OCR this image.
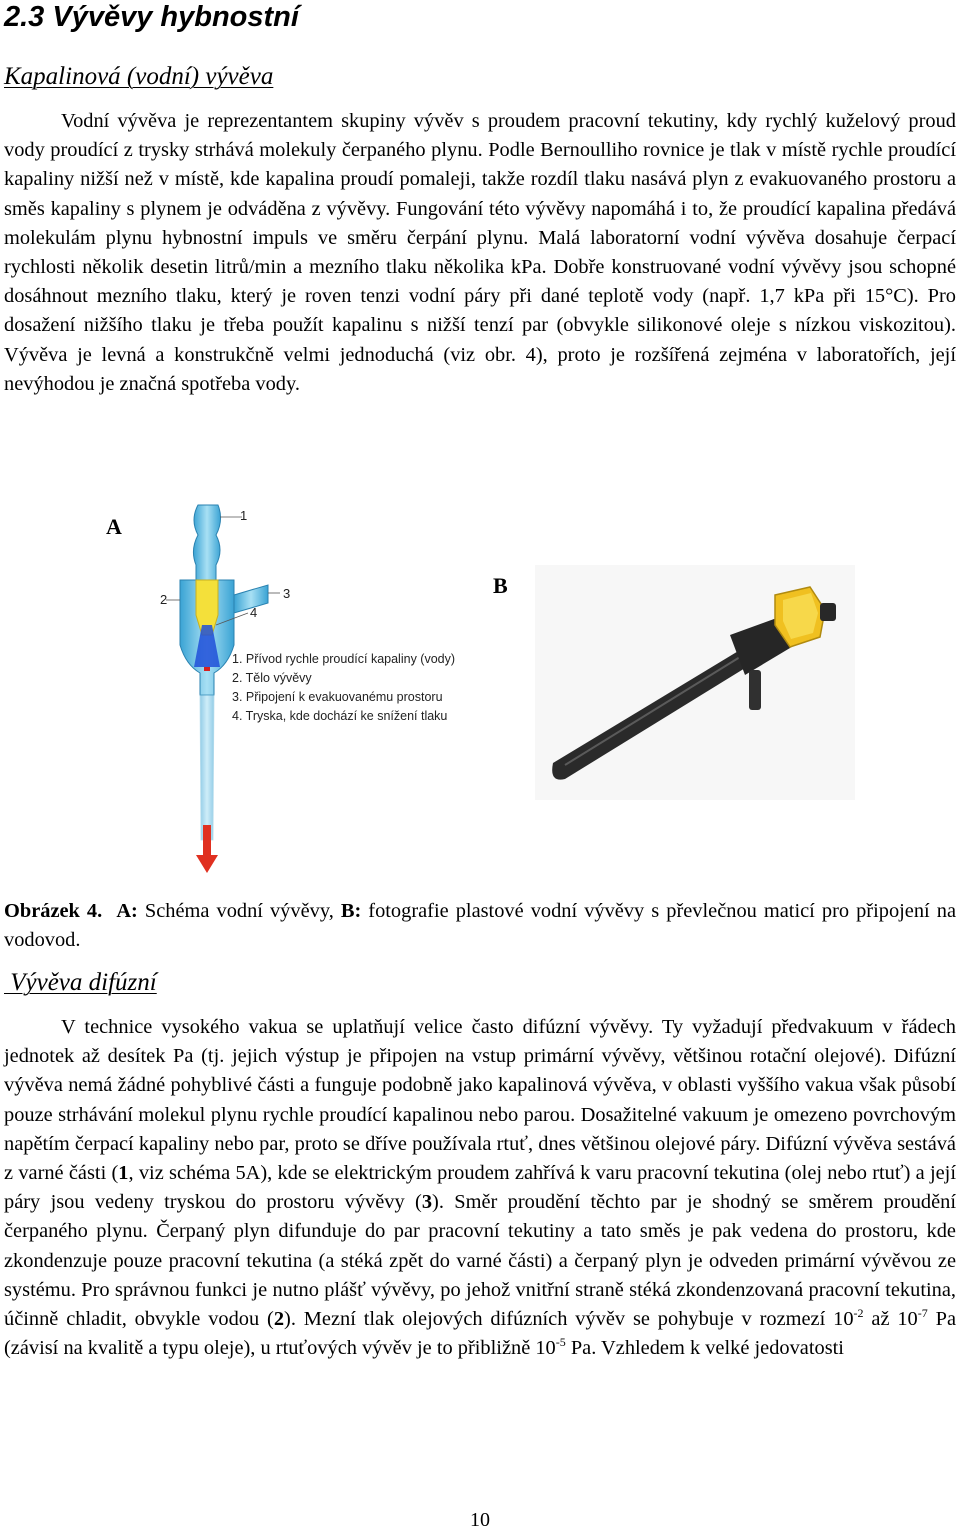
2.3 Vývěvy hybnostní
Kapalinová (vodní) vývěva

Vodní vývěva je reprezentantem skupiny vývěv s proudem pracovní tekutiny, kdy rychlý kuželový proud vody proudící z trysky strhává molekuly čerpaného plynu. Podle Bernoulliho rovnice je tlak v místě rychle proudící kapaliny nižší než v místě, kde kapalina proudí pomaleji, takže rozdíl tlaku nasává plyn z evakuovaného prostoru a směs kapaliny s plynem je odváděna z vývěvy. Fungování této vývěvy napomáhá i to, že proudící kapalina předává molekulám plynu hybnostní impuls ve směru čerpání plynu. Malá laboratorní vodní vývěva dosahuje čerpací rychlosti několik desetin litrů/min a mezního tlaku několika kPa. Dobře konstruované vodní vývěvy jsou schopné dosáhnout mezního tlaku, který je roven tenzi vodní páry při dané teplotě vody (např. 1,7 kPa při 15°C). Pro dosažení nižšího tlaku je třeba použít kapalinu s nižší tenzí par (obvykle silikonové oleje s nízkou viskozitou). Vývěva je levná a konstrukčně velmi jednoduchá (viz obr. 4), proto je rozšířená zejména v laboratořích, její nevýhodou je značná spotřeba vody.

A	1
2	3
4
1. Přívod rychle proudící kapaliny (vody)
2. Tělo vývěvy
3. Připojení k evakuovanému prostoru
4. Tryska, kde dochází ke snížení tlaku
B

Obrázek 4. A: Schéma vodní vývěvy, B: fotografie plastové vodní vývěvy s převlečnou maticí pro připojení na vodovod.

Vývěva difúzní

V technice vysokého vakua se uplatňují velice často difúzní vývěvy. Ty vyžadují předvakuum v řádech jednotek až desítek Pa (tj. jejich výstup je připojen na vstup primární vývěvy, většinou rotační olejové). Difúzní vývěva nemá žádné pohyblivé části a funguje podobně jako kapalinová vývěva, v oblasti vyššího vakua však působí pouze strhávání molekul plynu rychle proudící kapalinou nebo parou. Dosažitelné vakuum je omezeno povrchovým napětím čerpací kapaliny nebo par, proto se dříve používala rtuť, dnes většinou olejové páry. Difúzní vývěva sestává z varné části (1, viz schéma 5A), kde se elektrickým proudem zahřívá k varu pracovní tekutina (olej nebo rtuť) a její páry jsou vedeny tryskou do prostoru vývěvy (3). Směr proudění těchto par je shodný se směrem proudění čerpaného plynu. Čerpaný plyn difunduje do par pracovní tekutiny a tato směs je pak vedena do prostoru, kde zkondenzuje pouze pracovní tekutina (a stéká zpět do varné části) a čerpaný plyn je odveden primární vývěvou ze systému. Pro správnou funkci je nutno plášť vývěvy, po jehož vnitřní straně stéká zkondenzovaná pracovní tekutina, účinně chladit, obvykle vodou (2). Mezní tlak olejových difúzních vývěv se pohybuje v rozmezí $10^{-2}$ až $10^{-7}$ Pa (závisí na kvalitě a typu oleje), u rtuťových vývěv je to přibližně $10^{-5}$ Pa. Vzhledem k velké jedovatosti

10
